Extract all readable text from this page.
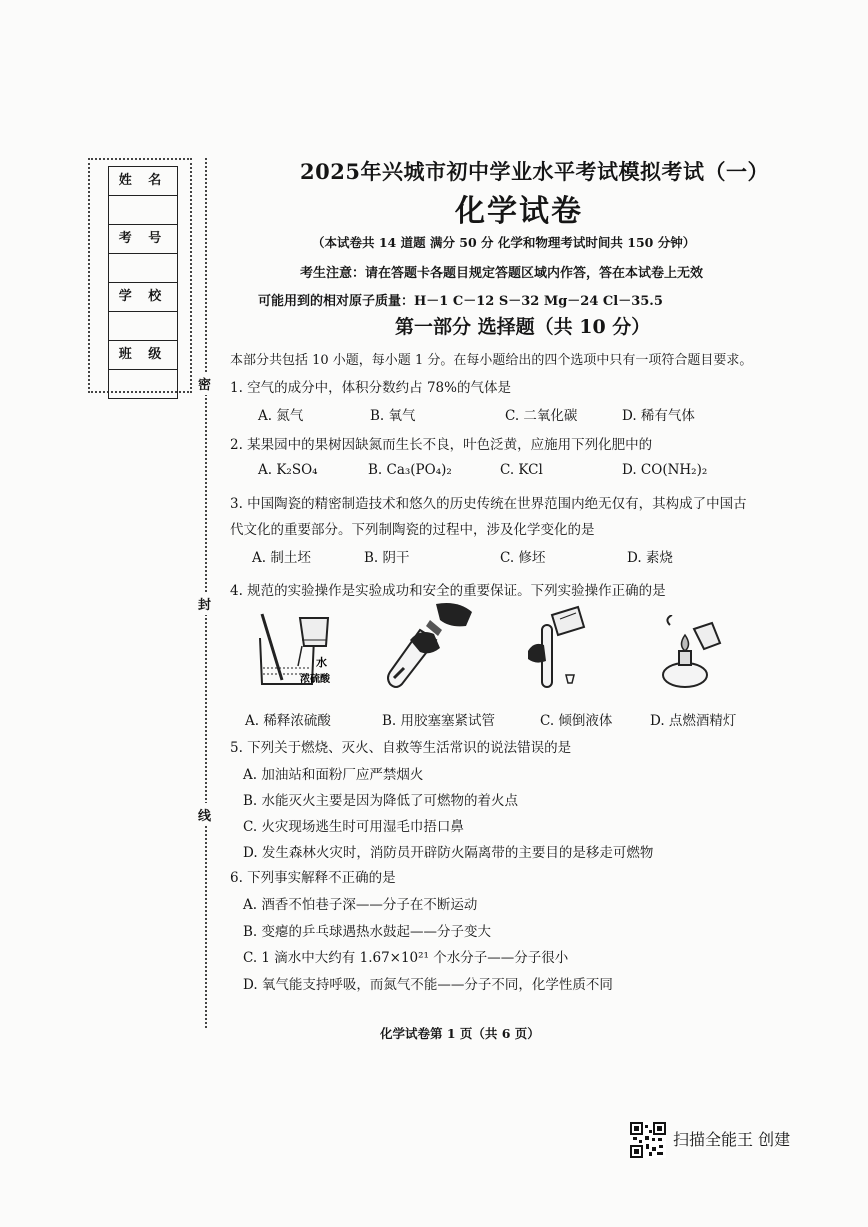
姓 名
考 号
学 校
班 级
密
封
线
2025年兴城市初中学业水平考试模拟考试（一）
化学试卷
（本试卷共 14 道题 满分 50 分 化学和物理考试时间共 150 分钟）
考生注意：请在答题卡各题目规定答题区域内作答，答在本试卷上无效
可能用到的相对原子质量：H－1 C－12 S－32 Mg－24 Cl－35.5
第一部分 选择题（共 10 分）
本部分共包括 10 小题，每小题 1 分。在每小题给出的四个选项中只有一项符合题目要求。
1. 空气的成分中，体积分数约占 78%的气体是
A. 氮气	B. 氧气	C. 二氧化碳	D. 稀有气体
2. 某果园中的果树因缺氮而生长不良，叶色泛黄，应施用下列化肥中的
A. K₂SO₄	B. Ca₃(PO₄)₂	C. KCl	D. CO(NH₂)₂
3. 中国陶瓷的精密制造技术和悠久的历史传统在世界范围内绝无仅有，其构成了中国古
代文化的重要部分。下列制陶瓷的过程中，涉及化学变化的是
A. 制土坯	B. 阴干	C. 修坯	D. 素烧
4. 规范的实验操作是实验成功和安全的重要保证。下列实验操作正确的是
水
浓硫酸
A. 稀释浓硫酸	B. 用胶塞塞紧试管	C. 倾倒液体	D. 点燃酒精灯
5. 下列关于燃烧、灭火、自救等生活常识的说法错误的是
A. 加油站和面粉厂应严禁烟火
B. 水能灭火主要是因为降低了可燃物的着火点
C. 火灾现场逃生时可用湿毛巾捂口鼻
D. 发生森林火灾时，消防员开辟防火隔离带的主要目的是移走可燃物
6. 下列事实解释不正确的是
A. 酒香不怕巷子深——分子在不断运动
B. 变瘪的乒乓球遇热水鼓起——分子变大
C. 1 滴水中大约有 1.67×10²¹ 个水分子——分子很小
D. 氧气能支持呼吸，而氮气不能——分子不同，化学性质不同
化学试卷第 1 页（共 6 页）
扫描全能王 创建
